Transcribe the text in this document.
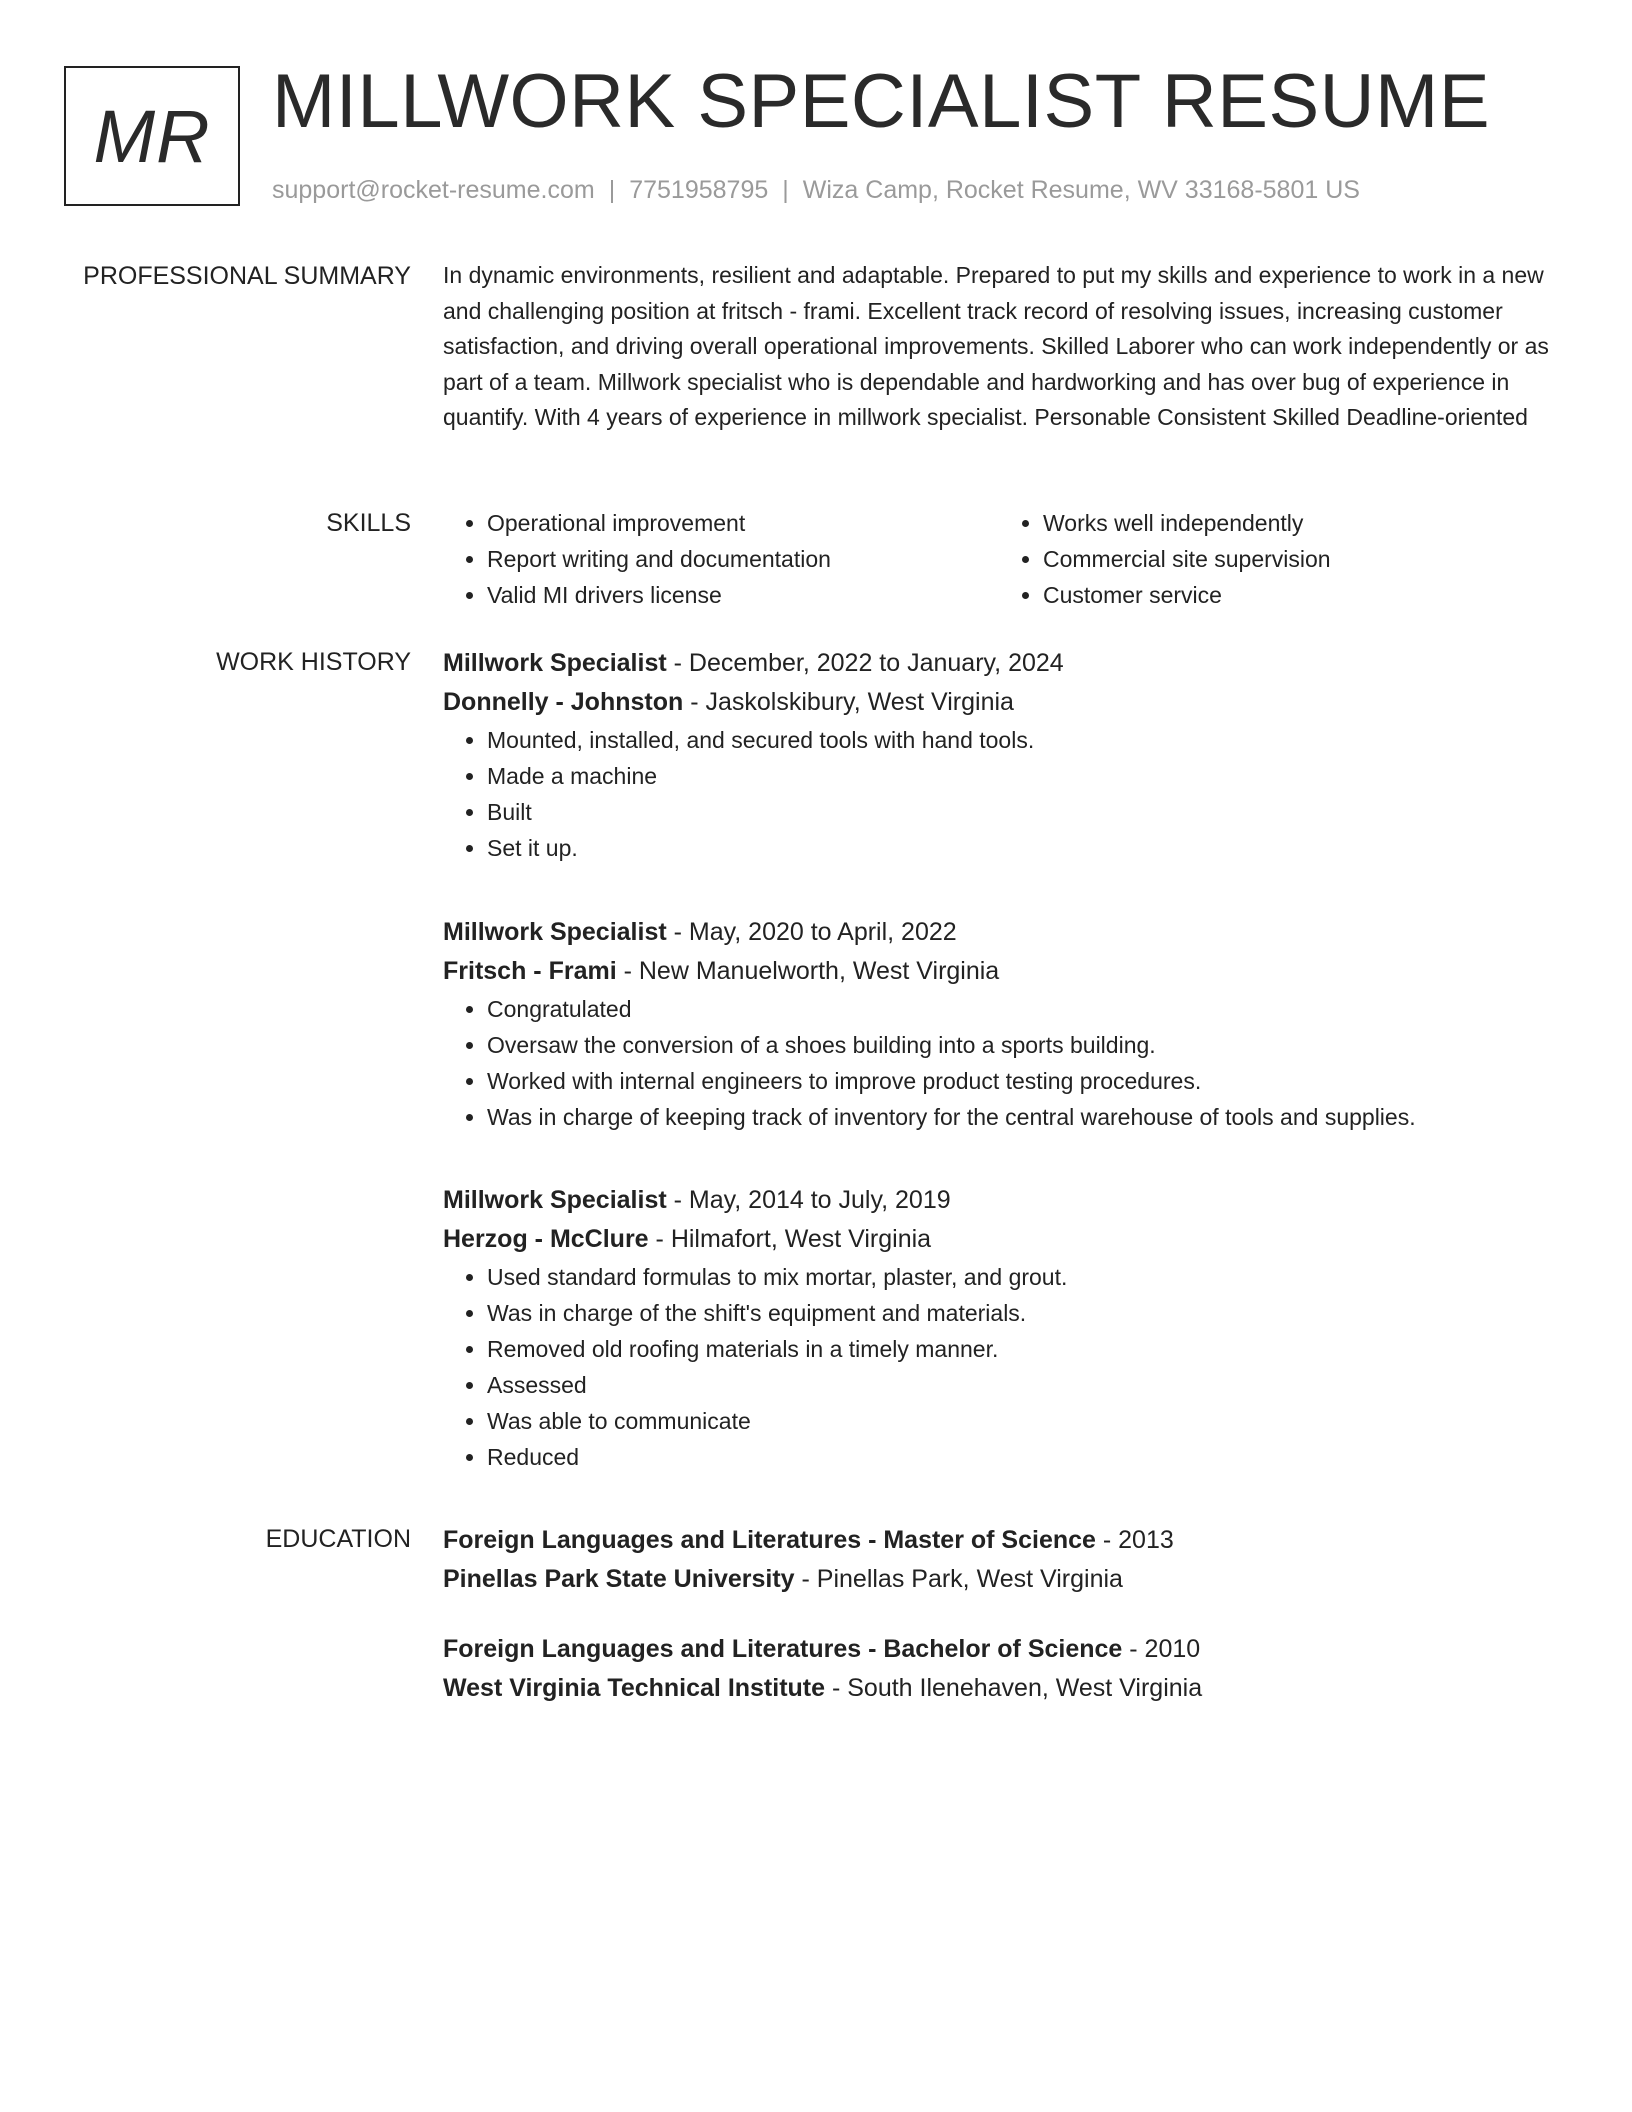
MR MILLWORK SPECIALIST RESUME
support@rocket-resume.com | 7751958795 | Wiza Camp, Rocket Resume, WV 33168-5801 US
PROFESSIONAL SUMMARY In dynamic environments, resilient and adaptable. Prepared to put my skills and experience to work in a new and challenging position at fritsch - frami. Excellent track record of resolving issues, increasing customer satisfaction, and driving overall operational improvements. Skilled Laborer who can work independently or as part of a team. Millwork specialist who is dependable and hardworking and has over bug of experience in quantify. With 4 years of experience in millwork specialist. Personable Consistent Skilled Deadline-oriented

SKILLS
•	Operational improvement
• Report writing and documentation
• Valid MI drivers license
• Works well independently
• Commercial site supervision
• Customer service
WORK HISTORY Millwork Specialist - December, 2022 to January, 2024
Donnelly - Johnston - Jaskolskibury, West Virginia
• Mounted, installed, and secured tools with hand tools.
• Made a machine
• Built
• Set it up.
Millwork Specialist - May, 2020 to April, 2022
Fritsch - Frami - New Manuelworth, West Virginia
• Congratulated
• Oversaw the conversion of a shoes building into a sports building.
• Worked with internal engineers to improve product testing procedures.
• Was in charge of keeping track of inventory for the central warehouse of tools and supplies.
Millwork Specialist - May, 2014 to July, 2019
Herzog - McClure - Hilmafort, West Virginia
• Used standard formulas to mix mortar, plaster, and grout.
• Was in charge of the shift's equipment and materials.
• Removed old roofing materials in a timely manner.
• Assessed
• Was able to communicate
• Reduced
EDUCATION Foreign Languages and Literatures - Master of Science - 2013
Pinellas Park State University - Pinellas Park, West Virginia
Foreign Languages and Literatures - Bachelor of Science - 2010
West Virginia Technical Institute - South Ilenehaven, West Virginia
